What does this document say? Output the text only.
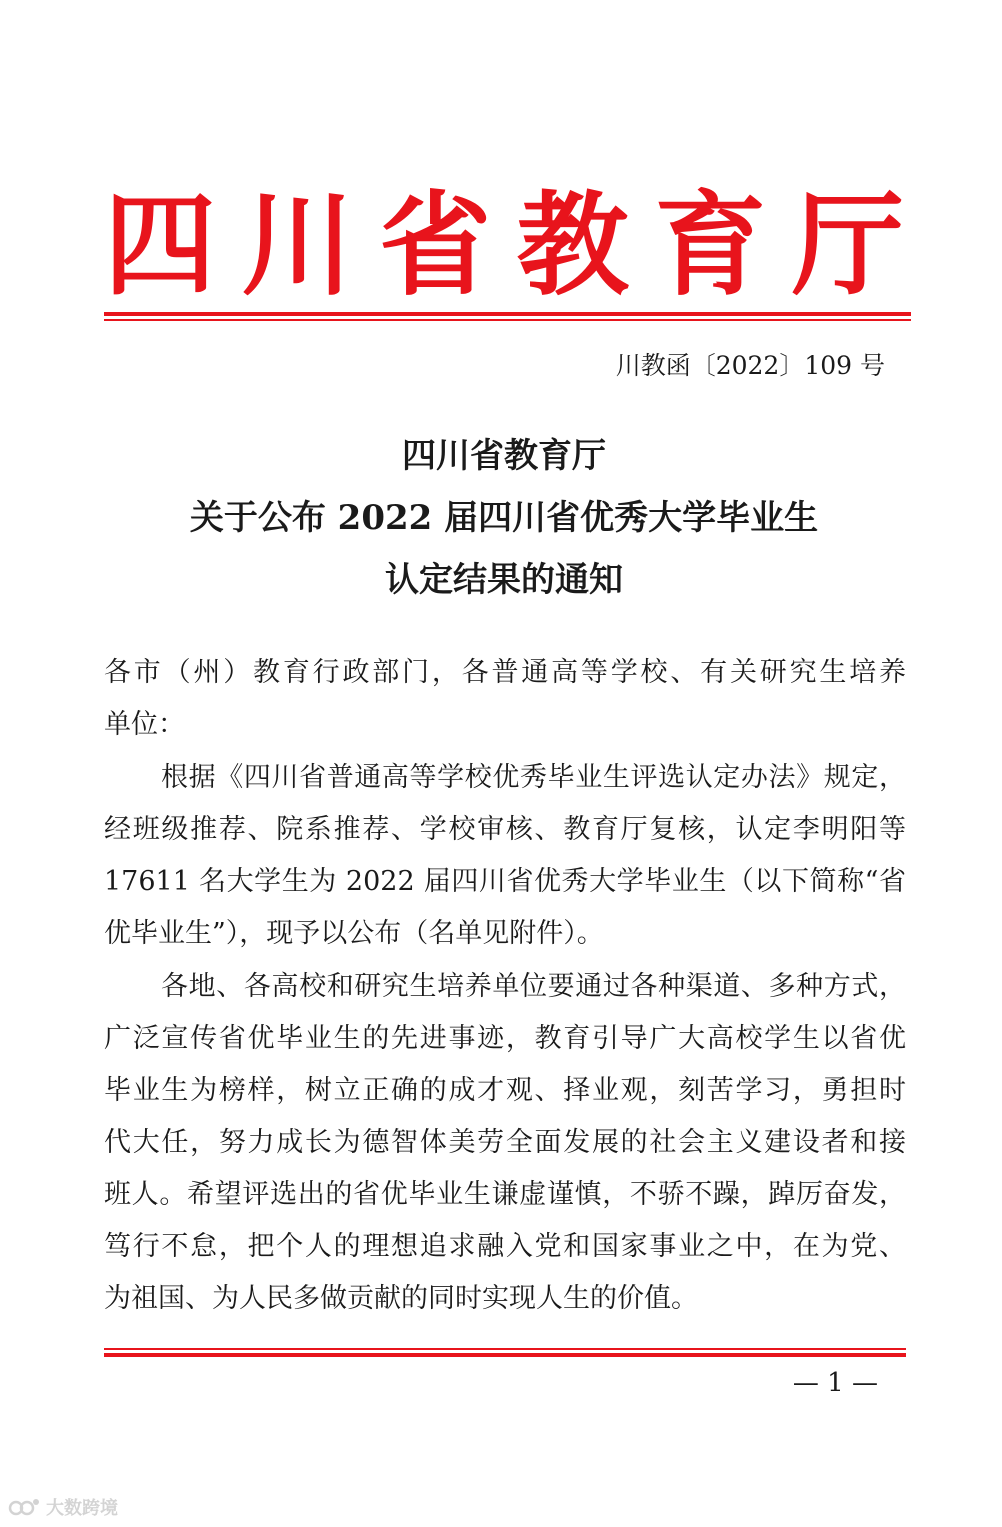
四川省教育厅
川教函〔2022〕109 号
四川省教育厅
关于公布 2022 届四川省优秀大学毕业生
认定结果的通知
各市（州）教育行政部门，各普通高等学校、有关研究生培养
单位：
根据《四川省普通高等学校优秀毕业生评选认定办法》规定，
经班级推荐、院系推荐、学校审核、教育厅复核，认定李明阳等
17611 名大学生为 2022 届四川省优秀大学毕业生（以下简称“省
优毕业生”），现予以公布（名单见附件）。
各地、各高校和研究生培养单位要通过各种渠道、多种方式，
广泛宣传省优毕业生的先进事迹，教育引导广大高校学生以省优
毕业生为榜样，树立正确的成才观、择业观，刻苦学习，勇担时
代大任，努力成长为德智体美劳全面发展的社会主义建设者和接
班人。希望评选出的省优毕业生谦虚谨慎，不骄不躁，踔厉奋发，
笃行不怠，把个人的理想追求融入党和国家事业之中，在为党、
为祖国、为人民多做贡献的同时实现人生的价值。
— 1 —
大数跨境
